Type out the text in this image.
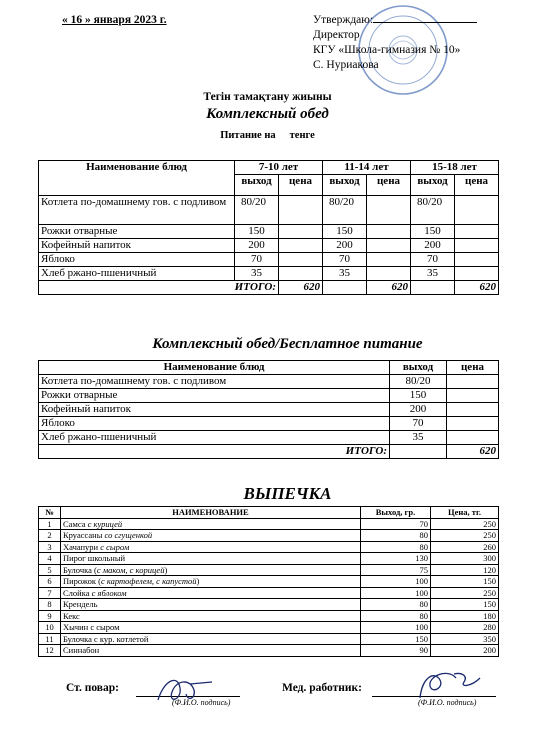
« 16 » января 2023 г.	Утверждаю:
Директор
КГУ «Школа-гимназия № 10»
С. Нуриакова
Тегін тамақтану жиыны
Комплексный обед
Питание на тенге
Наименование блюд	7-10 лет		11-14 лет		15-18 лет	
	выход	цена	выход	цена	выход	цена
Котлета по-домашнему гов. с подливом	80/20		80/20		80/20	
Рожки отварные	150		150		150	
Кофейный напиток	200		200		200	
Яблоко	70		70		70	
Хлеб ржано-пшеничный	35		35		35	
ИТОГО:		620		620		620
Комплексный обед/Бесплатное питание
Наименование блюд	выход	цена
Котлета по-домашнему гов. с подливом	80/20	
Рожки отварные	150	
Кофейный напиток	200	
Яблоко	70	
Хлеб ржано-пшеничный	35	
ИТОГО:		620
ВЫПЕЧКА
№	НАИМЕНОВАНИЕ	Выход, гр.	Цена, тг.
1	Самса с курицей	70	250
2	Круассаны со сгущенкой	80	250
3	Хачапури с сыром	80	260
4	Пирог школьный	130	300
5	Булочка (с маком, с корицей)	75	120
6	Пирожок (с картофелем, с капустой)	100	150
7	Слойка с яблоком	100	250
8	Крендель	80	150
9	Кекс	80	180
10	Хычин с сыром	100	280
11	Булочка с кур. котлетой	150	350
12	Синнабон	90	200
Ст. повар:
(Ф.И.О. подпись)
Мед. работник:
(Ф.И.О. подпись)
